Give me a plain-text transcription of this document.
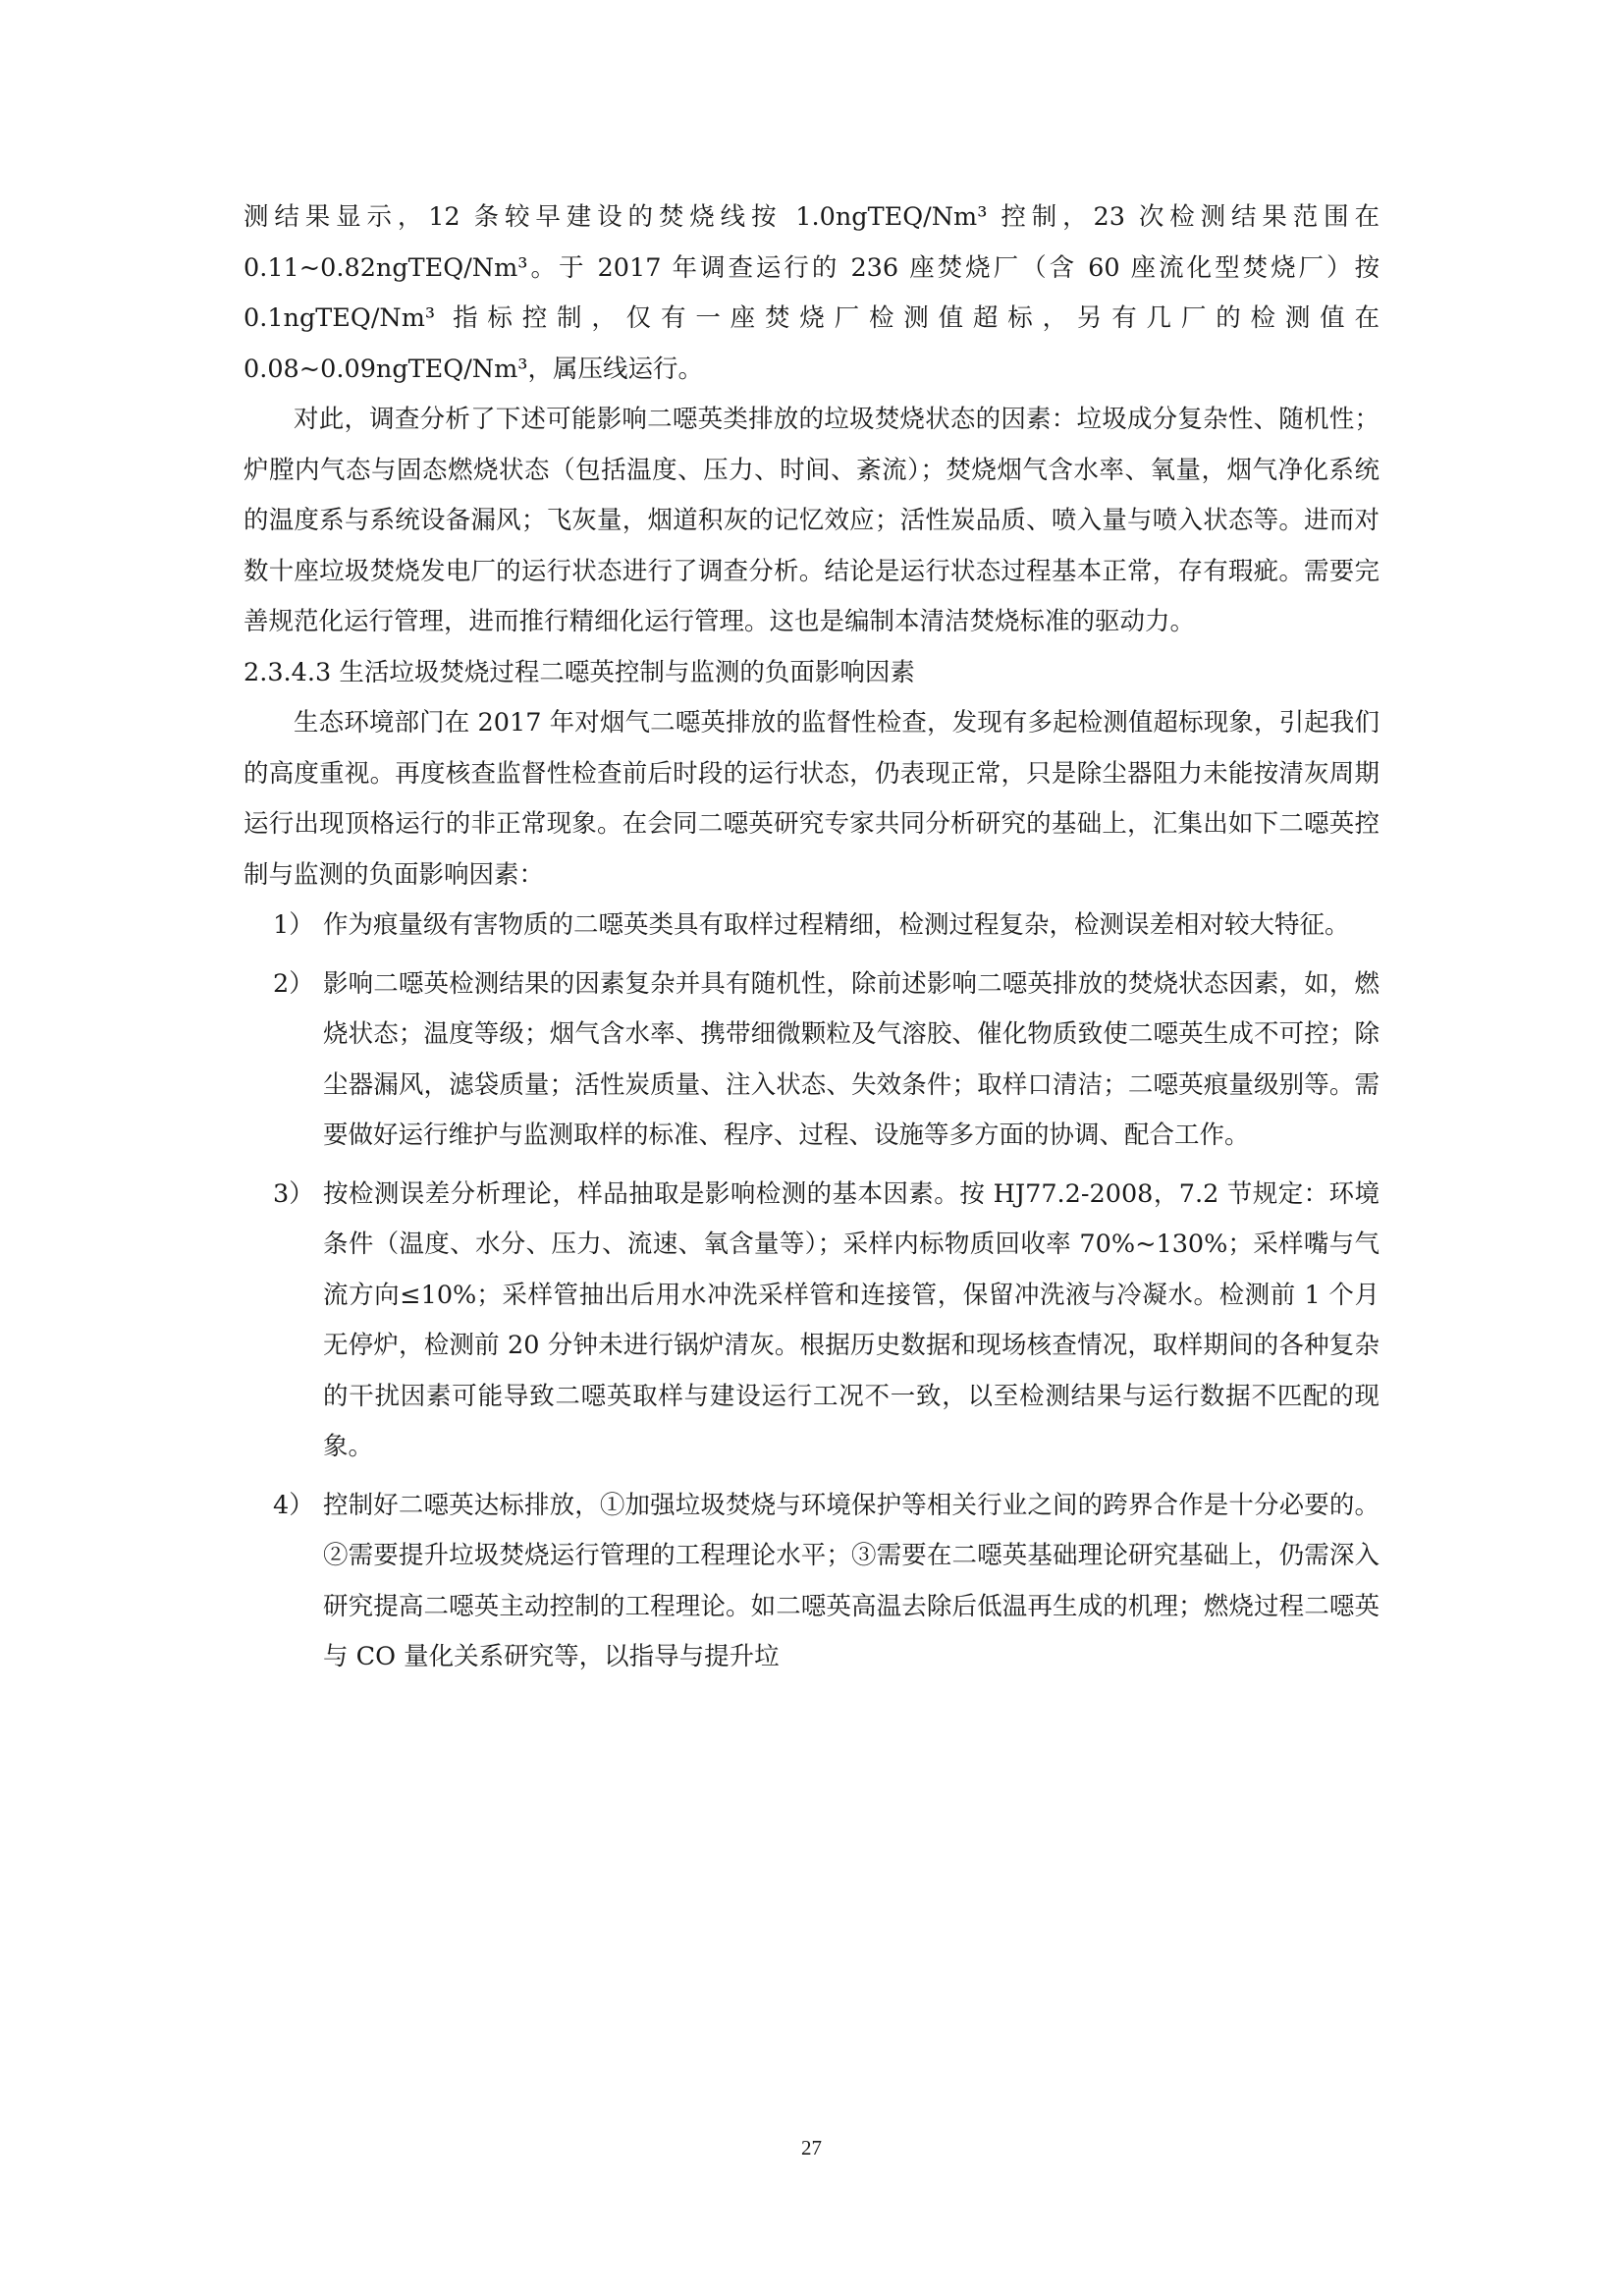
测结果显示，12 条较早建设的焚烧线按 1.0ngTEQ/Nm³ 控制，23 次检测结果范围在 0.11~0.82ngTEQ/Nm³。于 2017 年调查运行的 236 座焚烧厂（含 60 座流化型焚烧厂）按 0.1ngTEQ/Nm³ 指标控制，仅有一座焚烧厂检测值超标，另有几厂的检测值在 0.08~0.09ngTEQ/Nm³，属压线运行。

对此，调查分析了下述可能影响二噁英类排放的垃圾焚烧状态的因素：垃圾成分复杂性、随机性；炉膛内气态与固态燃烧状态（包括温度、压力、时间、紊流）；焚烧烟气含水率、氧量，烟气净化系统的温度系与系统设备漏风；飞灰量，烟道积灰的记忆效应；活性炭品质、喷入量与喷入状态等。进而对数十座垃圾焚烧发电厂的运行状态进行了调查分析。结论是运行状态过程基本正常，存有瑕疵。需要完善规范化运行管理，进而推行精细化运行管理。这也是编制本清洁焚烧标准的驱动力。

2.3.4.3 生活垃圾焚烧过程二噁英控制与监测的负面影响因素

生态环境部门在 2017 年对烟气二噁英排放的监督性检查，发现有多起检测值超标现象，引起我们的高度重视。再度核查监督性检查前后时段的运行状态，仍表现正常，只是除尘器阻力未能按清灰周期运行出现顶格运行的非正常现象。在会同二噁英研究专家共同分析研究的基础上，汇集出如下二噁英控制与监测的负面影响因素：

1） 作为痕量级有害物质的二噁英类具有取样过程精细，检测过程复杂，检测误差相对较大特征。
2） 影响二噁英检测结果的因素复杂并具有随机性，除前述影响二噁英排放的焚烧状态因素，如，燃烧状态；温度等级；烟气含水率、携带细微颗粒及气溶胶、催化物质致使二噁英生成不可控；除尘器漏风，滤袋质量；活性炭质量、注入状态、失效条件；取样口清洁；二噁英痕量级别等。需要做好运行维护与监测取样的标准、程序、过程、设施等多方面的协调、配合工作。
3） 按检测误差分析理论，样品抽取是影响检测的基本因素。按 HJ77.2-2008，7.2 节规定：环境条件（温度、水分、压力、流速、氧含量等）；采样内标物质回收率 70%~130%；采样嘴与气流方向≤10%；采样管抽出后用水冲洗采样管和连接管，保留冲洗液与冷凝水。检测前 1 个月无停炉，检测前 20 分钟未进行锅炉清灰。根据历史数据和现场核查情况，取样期间的各种复杂的干扰因素可能导致二噁英取样与建设运行工况不一致，以至检测结果与运行数据不匹配的现象。
4） 控制好二噁英达标排放，①加强垃圾焚烧与环境保护等相关行业之间的跨界合作是十分必要的。②需要提升垃圾焚烧运行管理的工程理论水平；③需要在二噁英基础理论研究基础上，仍需深入研究提高二噁英主动控制的工程理论。如二噁英高温去除后低温再生成的机理；燃烧过程二噁英与 CO 量化关系研究等，以指导与提升垃
27
